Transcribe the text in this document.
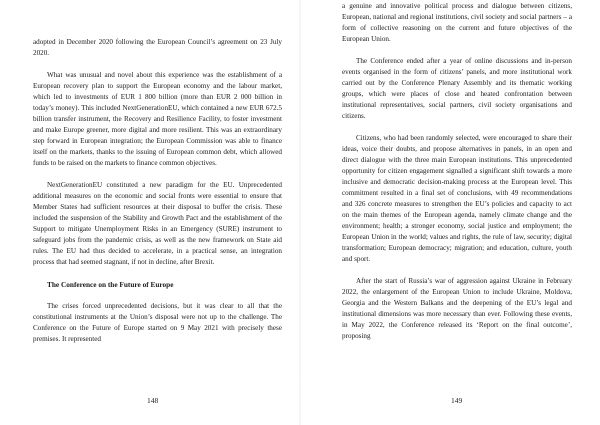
adopted in December 2020 following the European Council’s agreement on 23 July 2020.

What was unusual and novel about this experience was the establishment of a European recovery plan to support the European economy and the labour market, which led to investments of EUR 1 800 billion (more than EUR 2 000 billion in today’s money). This included NextGenerationEU, which contained a new EUR 672.5 billion transfer instrument, the Recovery and Resilience Facility, to foster investment and make Europe greener, more digital and more resilient. This was an extraordinary step forward in European integration; the European Commission was able to finance itself on the markets, thanks to the issuing of European common debt, which allowed funds to be raised on the markets to finance common objectives.

NextGenerationEU constituted a new paradigm for the EU. Unprecedented additional measures on the economic and social fronts were essential to ensure that Member States had sufficient resources at their disposal to buffer the crisis. These included the suspension of the Stability and Growth Pact and the establishment of the Support to mitigate Unemployment Risks in an Emergency (SURE) instrument to safeguard jobs from the pandemic crisis, as well as the new framework on State aid rules. The EU had thus decided to accelerate, in a practical sense, an integration process that had seemed stagnant, if not in decline, after Brexit.

The Conference on the Future of Europe

The crises forced unprecedented decisions, but it was clear to all that the constitutional instruments at the Union’s disposal were not up to the challenge. The Conference on the Future of Europe started on 9 May 2021 with precisely these premises. It represented

148

a genuine and innovative political process and dialogue between citizens, European, national and regional institutions, civil society and social partners – a form of collective reasoning on the current and future objectives of the European Union.

The Conference ended after a year of online discussions and in-person events organised in the form of citizens’ panels, and more institutional work carried out by the Conference Plenary Assembly and its thematic working groups, which were places of close and heated confrontation between institutional representatives, social partners, civil society organisations and citizens.

Citizens, who had been randomly selected, were encouraged to share their ideas, voice their doubts, and propose alternatives in panels, in an open and direct dialogue with the three main European institutions. This unprecedented opportunity for citizen engagement signalled a significant shift towards a more inclusive and democratic decision-making process at the European level. This commitment resulted in a final set of conclusions, with 49 recommendations and 326 concrete measures to strengthen the EU’s policies and capacity to act on the main themes of the European agenda, namely climate change and the environment; health; a stronger economy, social justice and employment; the European Union in the world; values and rights, the rule of law, security; digital transformation; European democracy; migration; and education, culture, youth and sport.

After the start of Russia’s war of aggression against Ukraine in February 2022, the enlargement of the European Union to include Ukraine, Moldova, Georgia and the Western Balkans and the deepening of the EU’s legal and institutional dimensions was more necessary than ever. Following these events, in May 2022, the Conference released its ‘Report on the final outcome’, proposing

149
